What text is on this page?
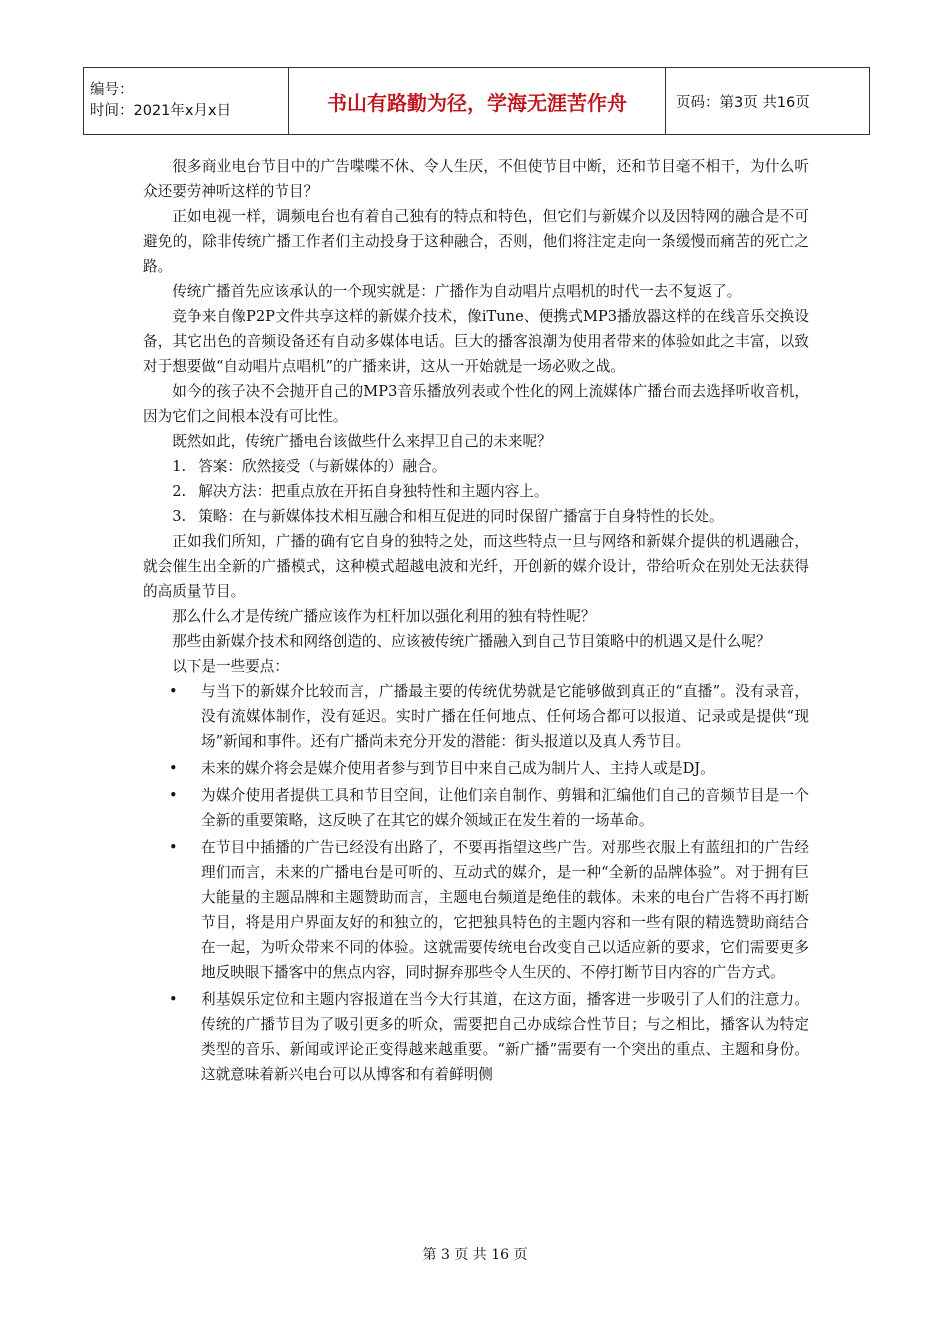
编号：
时间：2021年x月x日	书山有路勤为径，学海无涯苦作舟	页码：第3页 共16页

很多商业电台节目中的广告喋喋不休、令人生厌，不但使节目中断，还和节目毫不相干，为什么听众还要劳神听这样的节目？

正如电视一样，调频电台也有着自己独有的特点和特色，但它们与新媒介以及因特网的融合是不可避免的，除非传统广播工作者们主动投身于这种融合，否则，他们将注定走向一条缓慢而痛苦的死亡之路。

传统广播首先应该承认的一个现实就是：广播作为自动唱片点唱机的时代一去不复返了。

竞争来自像P2P文件共享这样的新媒介技术，像iTune、便携式MP3播放器这样的在线音乐交换设备，其它出色的音频设备还有自动多媒体电话。巨大的播客浪潮为使用者带来的体验如此之丰富，以致对于想要做“自动唱片点唱机”的广播来讲，这从一开始就是一场必败之战。

如今的孩子决不会抛开自己的MP3音乐播放列表或个性化的网上流媒体广播台而去选择听收音机，因为它们之间根本没有可比性。

既然如此，传统广播电台该做些什么来捍卫自己的未来呢？

1. 答案：欣然接受（与新媒体的）融合。

2. 解决方法：把重点放在开拓自身独特性和主题内容上。

3. 策略：在与新媒体技术相互融合和相互促进的同时保留广播富于自身特性的长处。

正如我们所知，广播的确有它自身的独特之处，而这些特点一旦与网络和新媒介提供的机遇融合，就会催生出全新的广播模式，这种模式超越电波和光纤，开创新的媒介设计，带给听众在别处无法获得的高质量节目。

那么什么才是传统广播应该作为杠杆加以强化利用的独有特性呢？

那些由新媒介技术和网络创造的、应该被传统广播融入到自己节目策略中的机遇又是什么呢？

以下是一些要点：

• 与当下的新媒介比较而言，广播最主要的传统优势就是它能够做到真正的“直播”。没有录音，没有流媒体制作，没有延迟。实时广播在任何地点、任何场合都可以报道、记录或是提供“现场”新闻和事件。还有广播尚未充分开发的潜能：街头报道以及真人秀节目。
• 未来的媒介将会是媒介使用者参与到节目中来自己成为制片人、主持人或是DJ。
• 为媒介使用者提供工具和节目空间，让他们亲自制作、剪辑和汇编他们自己的音频节目是一个全新的重要策略，这反映了在其它的媒介领域正在发生着的一场革命。
• 在节目中插播的广告已经没有出路了，不要再指望这些广告。对那些衣服上有蓝纽扣的广告经理们而言，未来的广播电台是可听的、互动式的媒介，是一种“全新的品牌体验”。对于拥有巨大能量的主题品牌和主题赞助而言，主题电台频道是绝佳的载体。未来的电台广告将不再打断节目，将是用户界面友好的和独立的，它把独具特色的主题内容和一些有限的精选赞助商结合在一起，为听众带来不同的体验。这就需要传统电台改变自己以适应新的要求，它们需要更多地反映眼下播客中的焦点内容，同时摒弃那些令人生厌的、不停打断节目内容的广告方式。
• 利基娱乐定位和主题内容报道在当今大行其道，在这方面，播客进一步吸引了人们的注意力。传统的广播节目为了吸引更多的听众，需要把自己办成综合性节目；与之相比，播客认为特定类型的音乐、新闻或评论正变得越来越重要。“新广播”需要有一个突出的重点、主题和身份。这就意味着新兴电台可以从博客和有着鲜明侧
第 3 页 共 16 页
